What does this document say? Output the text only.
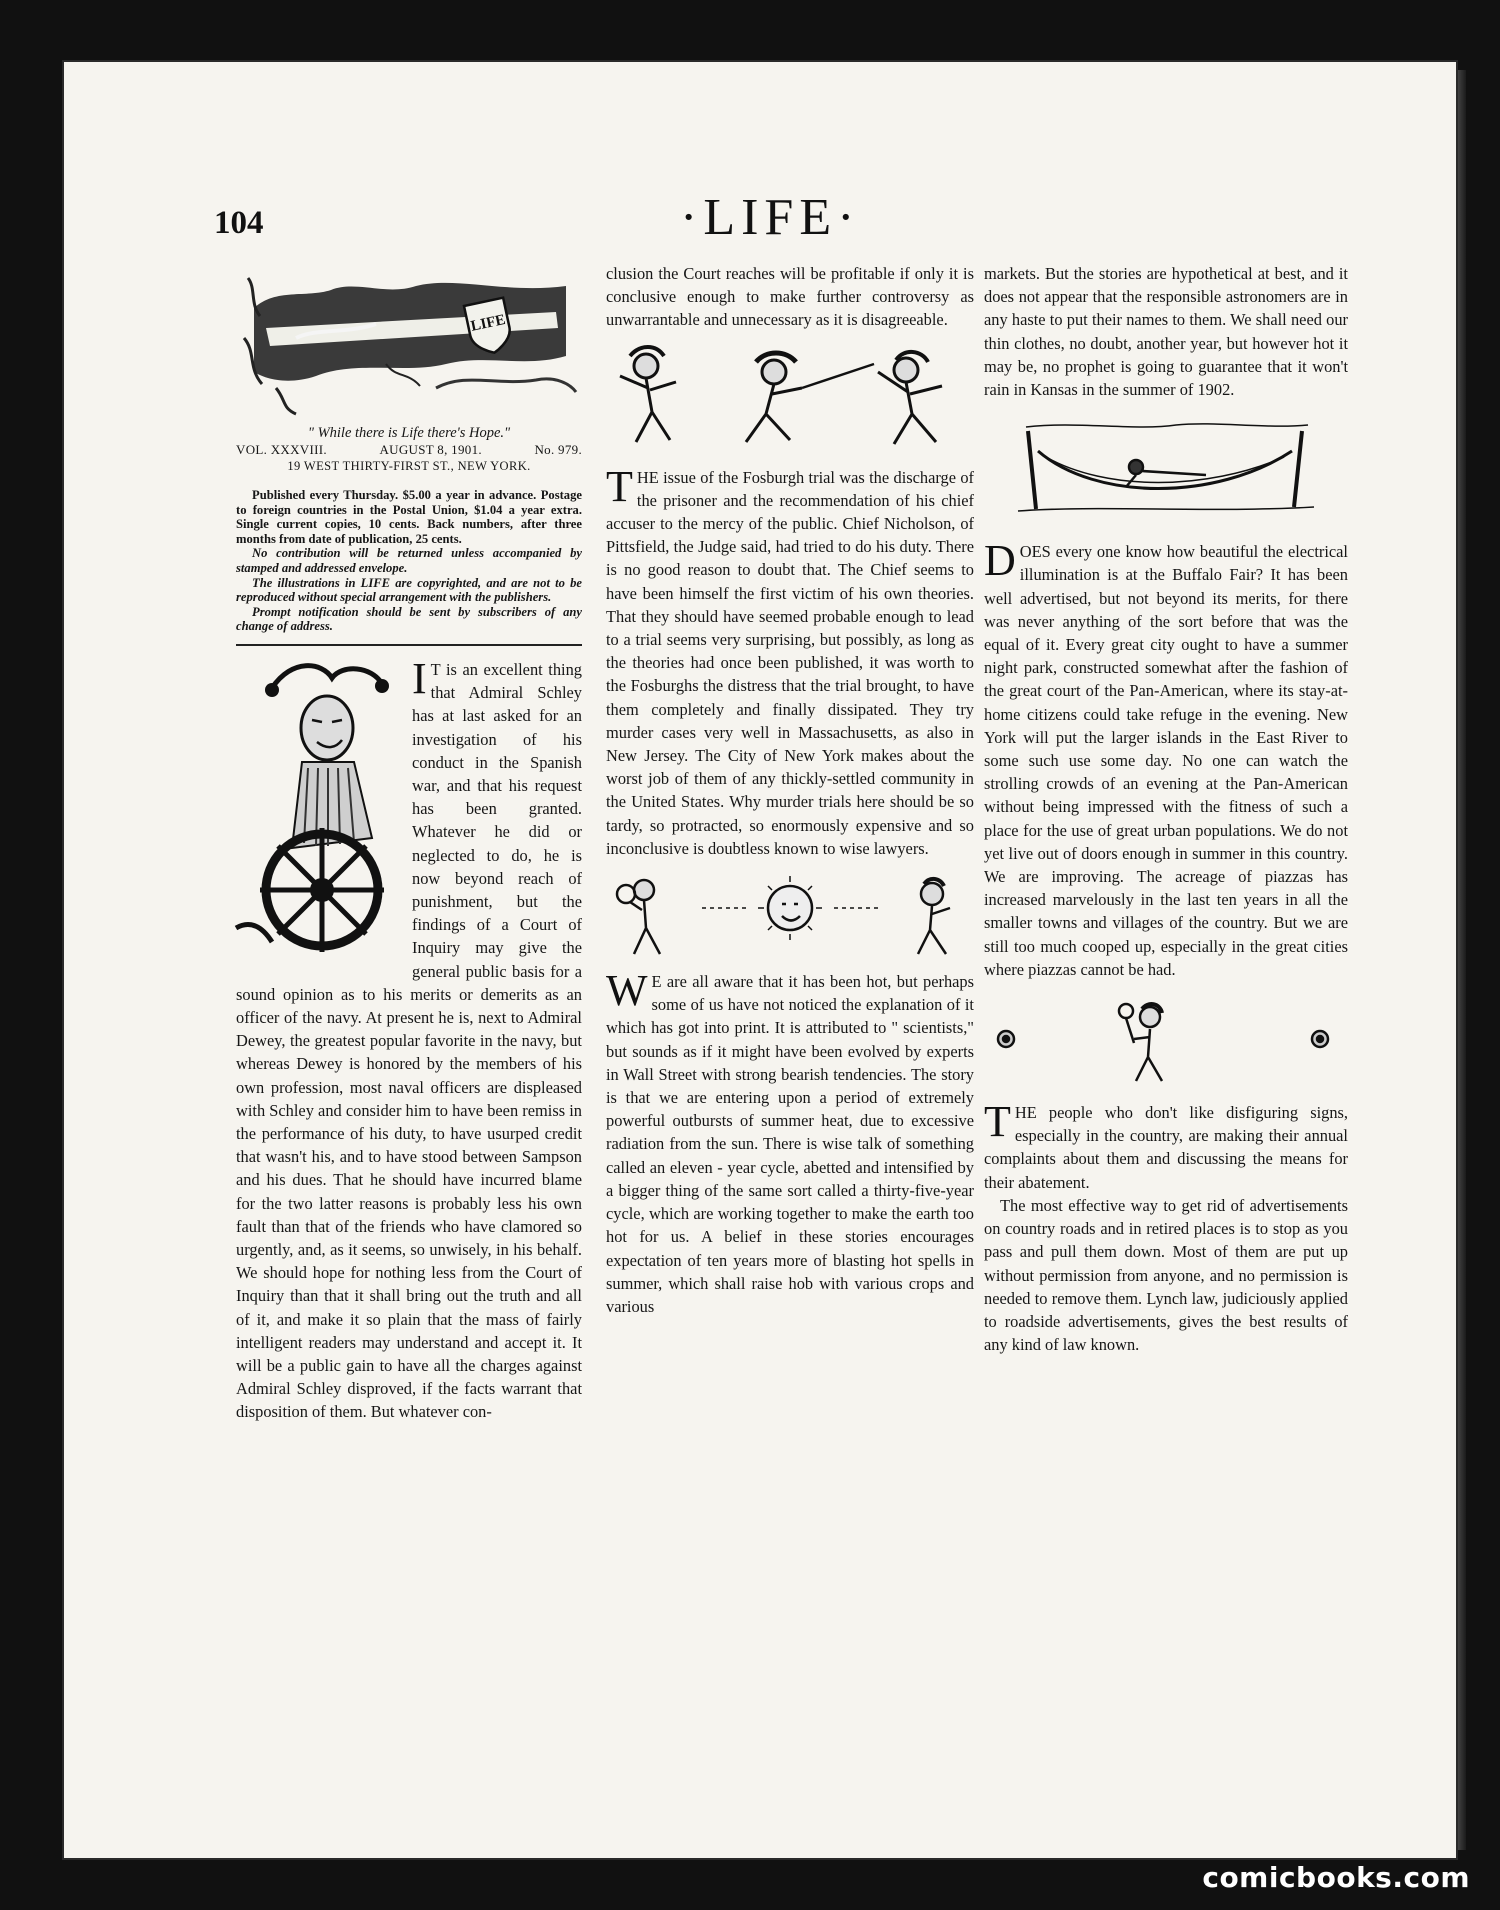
104	·LIFE·
LIFE
" While there is Life there's Hope."
VOL. XXXVIII.	AUGUST 8, 1901.	No. 979.
19 WEST THIRTY-FIRST ST., NEW YORK.

Published every Thursday. $5.00 a year in advance. Postage to foreign countries in the Postal Union, $1.04 a year extra. Single current copies, 10 cents. Back numbers, after three months from date of publication, 25 cents.

No contribution will be returned unless accompanied by stamped and addressed envelope.

The illustrations in LIFE are copyrighted, and are not to be reproduced without special arrangement with the publishers.

Prompt notification should be sent by subscribers of any change of address.

I T is an excellent thing that Admiral Schley has at last asked for an investigation of his conduct in the Spanish war, and that his request has been granted. Whatever he did or neglected to do, he is now beyond reach of punishment, but the findings of a Court of Inquiry may give the general public basis for a sound opinion as to his merits or demerits as an officer of the navy. At present he is, next to Admiral Dewey, the greatest popular favorite in the navy, but whereas Dewey is honored by the members of his own profession, most naval officers are displeased with Schley and consider him to have been remiss in the performance of his duty, to have usurped credit that wasn't his, and to have stood between Sampson and his dues. That he should have incurred blame for the two latter reasons is probably less his own fault than that of the friends who have clamored so urgently, and, as it seems, so unwisely, in his behalf. We should hope for nothing less from the Court of Inquiry than that it shall bring out the truth and all of it, and make it so plain that the mass of fairly intelligent readers may understand and accept it. It will be a public gain to have all the charges against Admiral Schley disproved, if the facts warrant that disposition of them. But whatever con-

clusion the Court reaches will be profitable if only it is conclusive enough to make further controversy as unwarrantable and unnecessary as it is disagreeable.

THE issue of the Fosburgh trial was the discharge of the prisoner and the recommendation of his chief accuser to the mercy of the public. Chief Nicholson, of Pittsfield, the Judge said, had tried to do his duty. There is no good reason to doubt that. The Chief seems to have been himself the first victim of his own theories. That they should have seemed probable enough to lead to a trial seems very surprising, but possibly, as long as the theories had once been published, it was worth to the Fosburghs the distress that the trial brought, to have them completely and finally dissipated. They try murder cases very well in Massachusetts, as also in New Jersey. The City of New York makes about the worst job of them of any thickly-settled community in the United States. Why murder trials here should be so tardy, so protracted, so enormously expensive and so inconclusive is doubtless known to wise lawyers.

W E are all aware that it has been hot, but perhaps some of us have not noticed the explanation of it which has got into print. It is attributed to " scientists," but sounds as if it might have been evolved by experts in Wall Street with strong bearish tendencies. The story is that we are entering upon a period of extremely powerful outbursts of summer heat, due to excessive radiation from the sun. There is wise talk of something called an eleven - year cycle, abetted and intensified by a bigger thing of the same sort called a thirty-five-year cycle, which are working together to make the earth too hot for us. A belief in these stories encourages expectation of ten years more of blasting hot spells in summer, which shall raise hob with various crops and various

markets. But the stories are hypothetical at best, and it does not appear that the responsible astronomers are in any haste to put their names to them. We shall need our thin clothes, no doubt, another year, but however hot it may be, no prophet is going to guarantee that it won't rain in Kansas in the summer of 1902.

DOES every one know how beautiful the electrical illumination is at the Buffalo Fair? It has been well advertised, but not beyond its merits, for there was never anything of the sort before that was the equal of it. Every great city ought to have a summer night park, constructed somewhat after the fashion of the great court of the Pan-American, where its stay-at-home citizens could take refuge in the evening. New York will put the larger islands in the East River to some such use some day. No one can watch the strolling crowds of an evening at the Pan-American without being impressed with the fitness of such a place for the use of great urban populations. We do not yet live out of doors enough in summer in this country. We are improving. The acreage of piazzas has increased marvelously in the last ten years in all the smaller towns and villages of the country. But we are still too much cooped up, especially in the great cities where piazzas cannot be had.

THE people who don't like disfiguring signs, especially in the country, are making their annual complaints about them and discussing the means for their abatement.

The most effective way to get rid of advertisements on country roads and in retired places is to stop as you pass and pull them down. Most of them are put up without permission from anyone, and no permission is needed to remove them. Lynch law, judiciously applied to roadside advertisements, gives the best results of any kind of law known.

comicbooks.com
